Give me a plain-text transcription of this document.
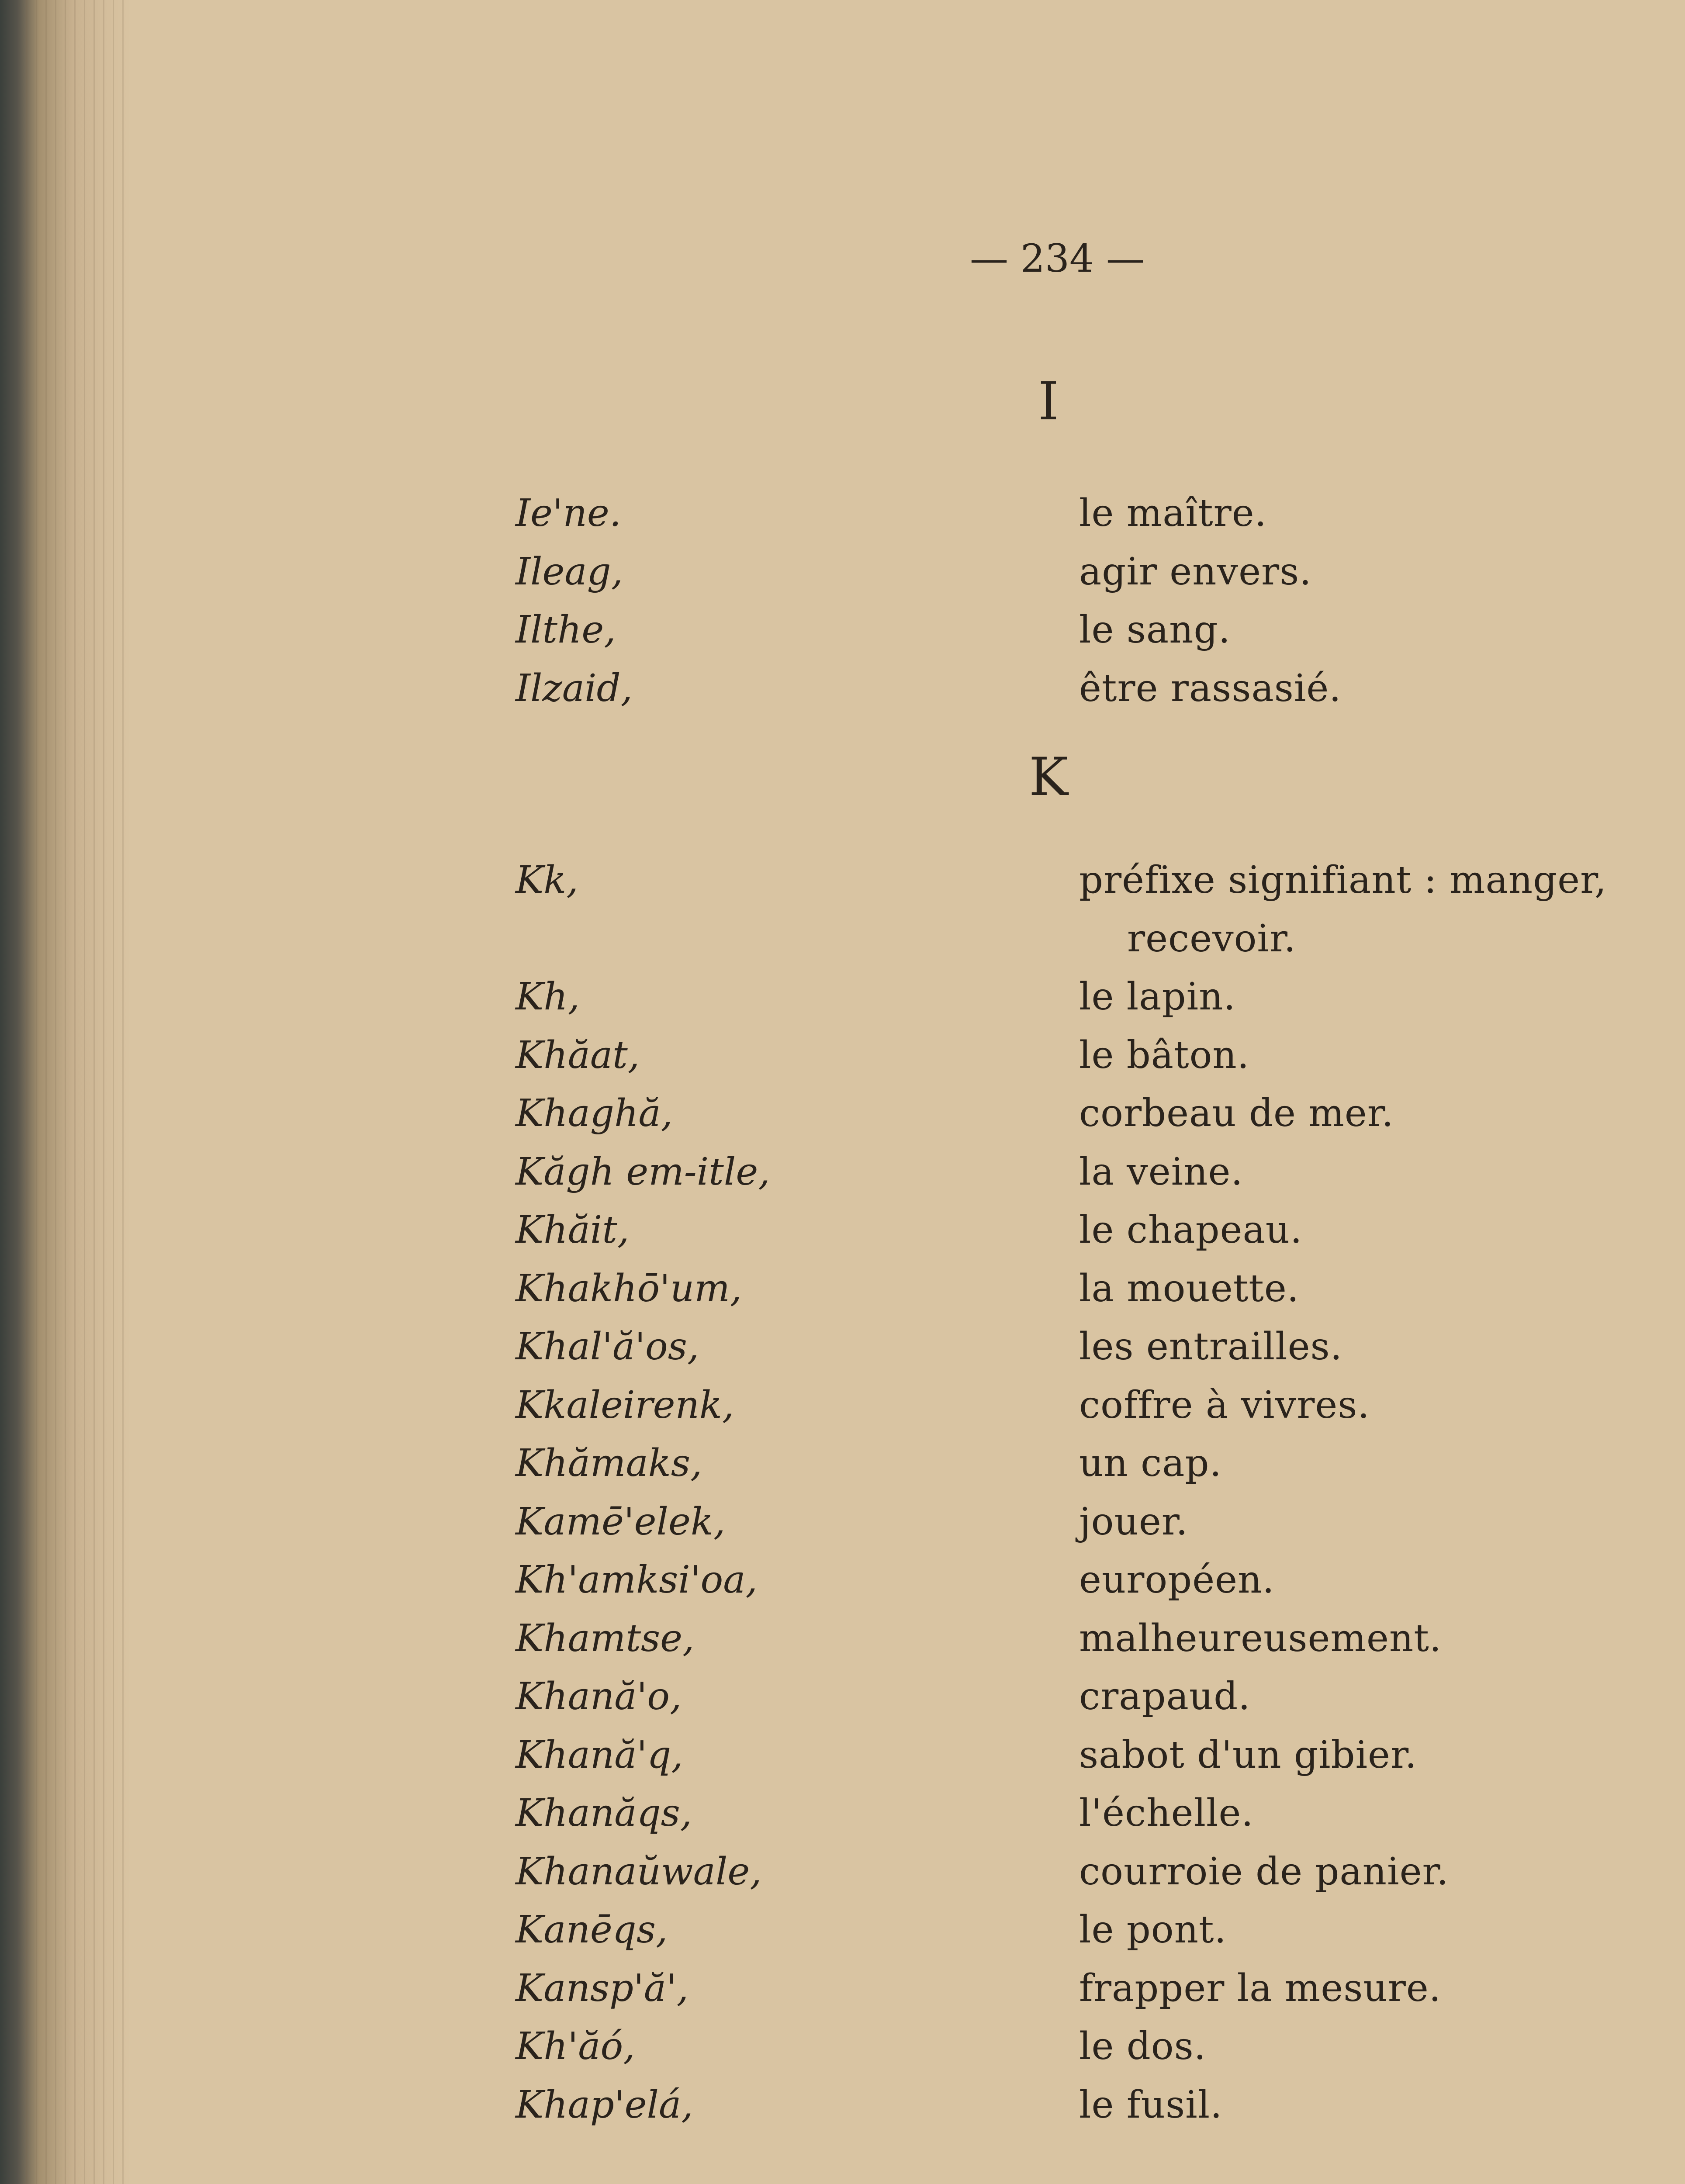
— 234 —
I
Ie'ne.	le maître.
Ileag,	agir envers.
Ilthe,	le sang.
Ilzaid,	être rassasié.
K
Kk,	préfixe signifiant : manger,
recevoir.
Kh,	le lapin.
Khăat,	le bâton.
Khaghă,	corbeau de mer.
Kăgh em-itle,	la veine.
Khăit,	le chapeau.
Khakhō'um,	la mouette.
Khal'ă'os,	les entrailles.
Kkaleirenk,	coffre à vivres.
Khămaks,	un cap.
Kamē'elek,	jouer.
Kh'amksi'oa,	européen.
Khamtse,	malheureusement.
Khană'o,	crapaud.
Khană'q,	sabot d'un gibier.
Khanăqs,	l'échelle.
Khanaŭwale,	courroie de panier.
Kanēqs,	le pont.
Kansp'ă',	frapper la mesure.
Kh'ăó,	le dos.
Khap'elá,	le fusil.
